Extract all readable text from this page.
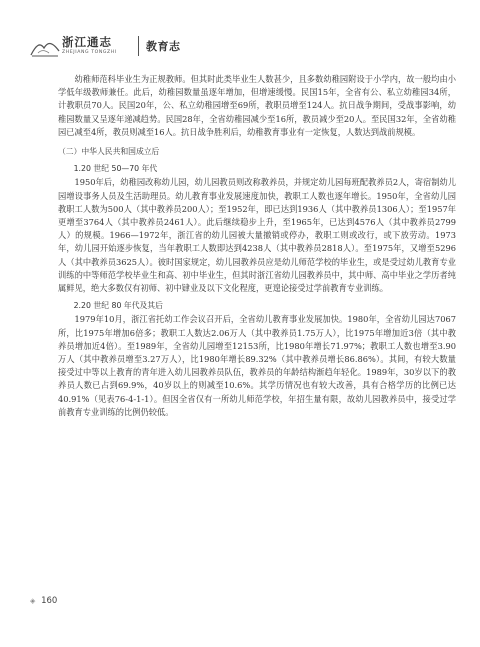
浙江通志
ZHEJIANG TONGZHI	教育志

幼稚师范科毕业生为正规教师。但其时此类毕业生人数甚少，且多数幼稚园附设于小学内，故一般均由小学低年级教师兼任。此后，幼稚园数量虽逐年增加，但增速缓慢。民国15年，全省有公、私立幼稚园34所，计教职员70人。民国20年，公、私立幼稚园增至69所，教职员增至124人。抗日战争期间，受战事影响，幼稚园数量又呈逐年递减趋势。民国28年，全省幼稚园减少至16所，教员减少至20人。至民国32年，全省幼稚园已减至4所，教员则减至16人。抗日战争胜利后，幼稚教育事业有一定恢复，人数达到战前规模。

（二）中华人民共和国成立后
1.20 世纪 50—70 年代

1950年后，幼稚园改称幼儿园，幼儿园教员则改称教养员，并规定幼儿园每班配教养员2人，寄宿制幼儿园增设事务人员及生活助理员。幼儿教育事业发展速度加快，教职工人数也逐年增长。1950年，全省幼儿园教职工人数为500人（其中教养员200人）；至1952年，即已达到1936人（其中教养员1306人）；至1957年更增至3764人（其中教养员2461人）。此后继续稳步上升，至1965年，已达到4576人（其中教养员2799人）的规模。1966—1972年，浙江省的幼儿园被大量撤销或停办，教职工则或改行，或下放劳动。1973年，幼儿园开始逐步恢复，当年教职工人数即达到4238人（其中教养员2818人）。至1975年，又增至5296人（其中教养员3625人）。彼时国家规定，幼儿园教养员应是幼儿师范学校的毕业生，或是受过幼儿教育专业训练的中等师范学校毕业生和高、初中毕业生，但其时浙江省幼儿园教养员中，其中师、高中毕业之学历者纯属鲜见，绝大多数仅有初师、初中肄业及以下文化程度，更遑论接受过学前教育专业训练。

2.20 世纪 80 年代及其后

1979年10月，浙江省托幼工作会议召开后，全省幼儿教育事业发展加快。1980年，全省幼儿园达7067所，比1975年增加6倍多；教职工人数达2.06万人（其中教养员1.75万人），比1975年增加近3倍（其中教养员增加近4倍）。至1989年，全省幼儿园增至12153所，比1980年增长71.97%；教职工人数也增至3.90万人（其中教养员增至3.27万人），比1980年增长89.32%（其中教养员增长86.86%）。其间，有较大数量接受过中等以上教育的青年进入幼儿园教养员队伍，教养员的年龄结构渐趋年轻化。1989年，30岁以下的教养员人数已占到69.9%，40岁以上的则减至10.6%。其学历情况也有较大改善，具有合格学历的比例已达40.91%（见表76-4-1-1）。但因全省仅有一所幼儿师范学校，年招生量有限，故幼儿园教养员中，接受过学前教育专业训练的比例仍较低。

◈ 160
